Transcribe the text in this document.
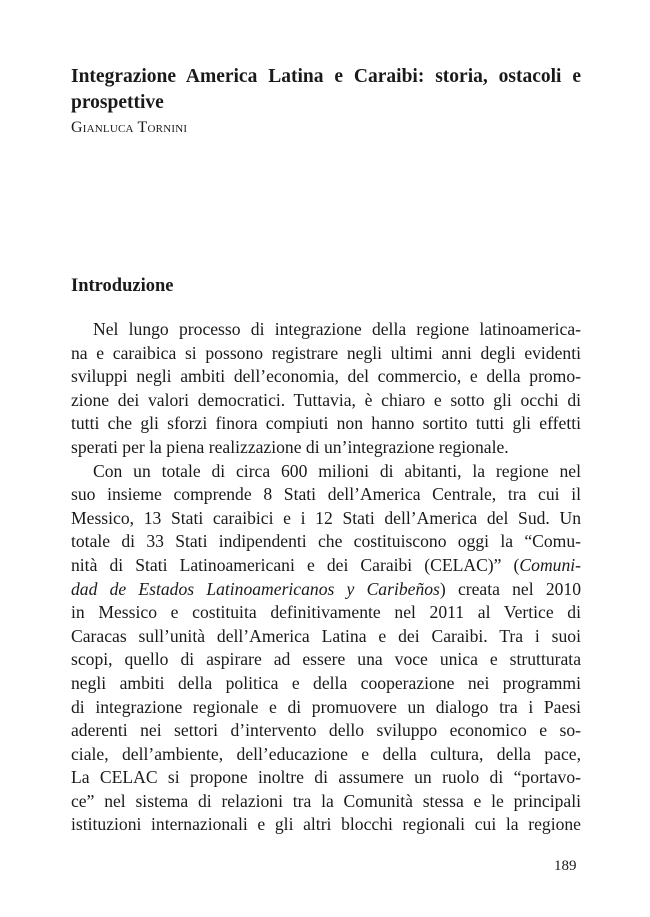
Integrazione America Latina e Caraibi: storia, ostacoli e prospettive

Gianluca Tornini

Introduzione
Nel lungo processo di integrazione della regione latinoamerica-
na e caraibica si possono registrare negli ultimi anni degli evidenti
sviluppi negli ambiti dell’economia, del commercio, e della promo-
zione dei valori democratici. Tuttavia, è chiaro e sotto gli occhi di
tutti che gli sforzi finora compiuti non hanno sortito tutti gli effetti
sperati per la piena realizzazione di un’integrazione regionale.
Con un totale di circa 600 milioni di abitanti, la regione nel
suo insieme comprende 8 Stati dell’America Centrale, tra cui il
Messico, 13 Stati caraibici e i 12 Stati dell’America del Sud. Un
totale di 33 Stati indipendenti che costituiscono oggi la “Comu-
nità di Stati Latinoamericani e dei Caraibi (CELAC)” (Comuni-
dad de Estados Latinoamericanos y Caribeños) creata nel 2010
in Messico e costituita definitivamente nel 2011 al Vertice di
Caracas sull’unità dell’America Latina e dei Caraibi. Tra i suoi
scopi, quello di aspirare ad essere una voce unica e strutturata
negli ambiti della politica e della cooperazione nei programmi
di integrazione regionale e di promuovere un dialogo tra i Paesi
aderenti nei settori d’intervento dello sviluppo economico e so-
ciale, dell’ambiente, dell’educazione e della cultura, della pace,
La CELAC si propone inoltre di assumere un ruolo di “portavo-
ce” nel sistema di relazioni tra la Comunità stessa e le principali
istituzioni internazionali e gli altri blocchi regionali cui la regione

189
